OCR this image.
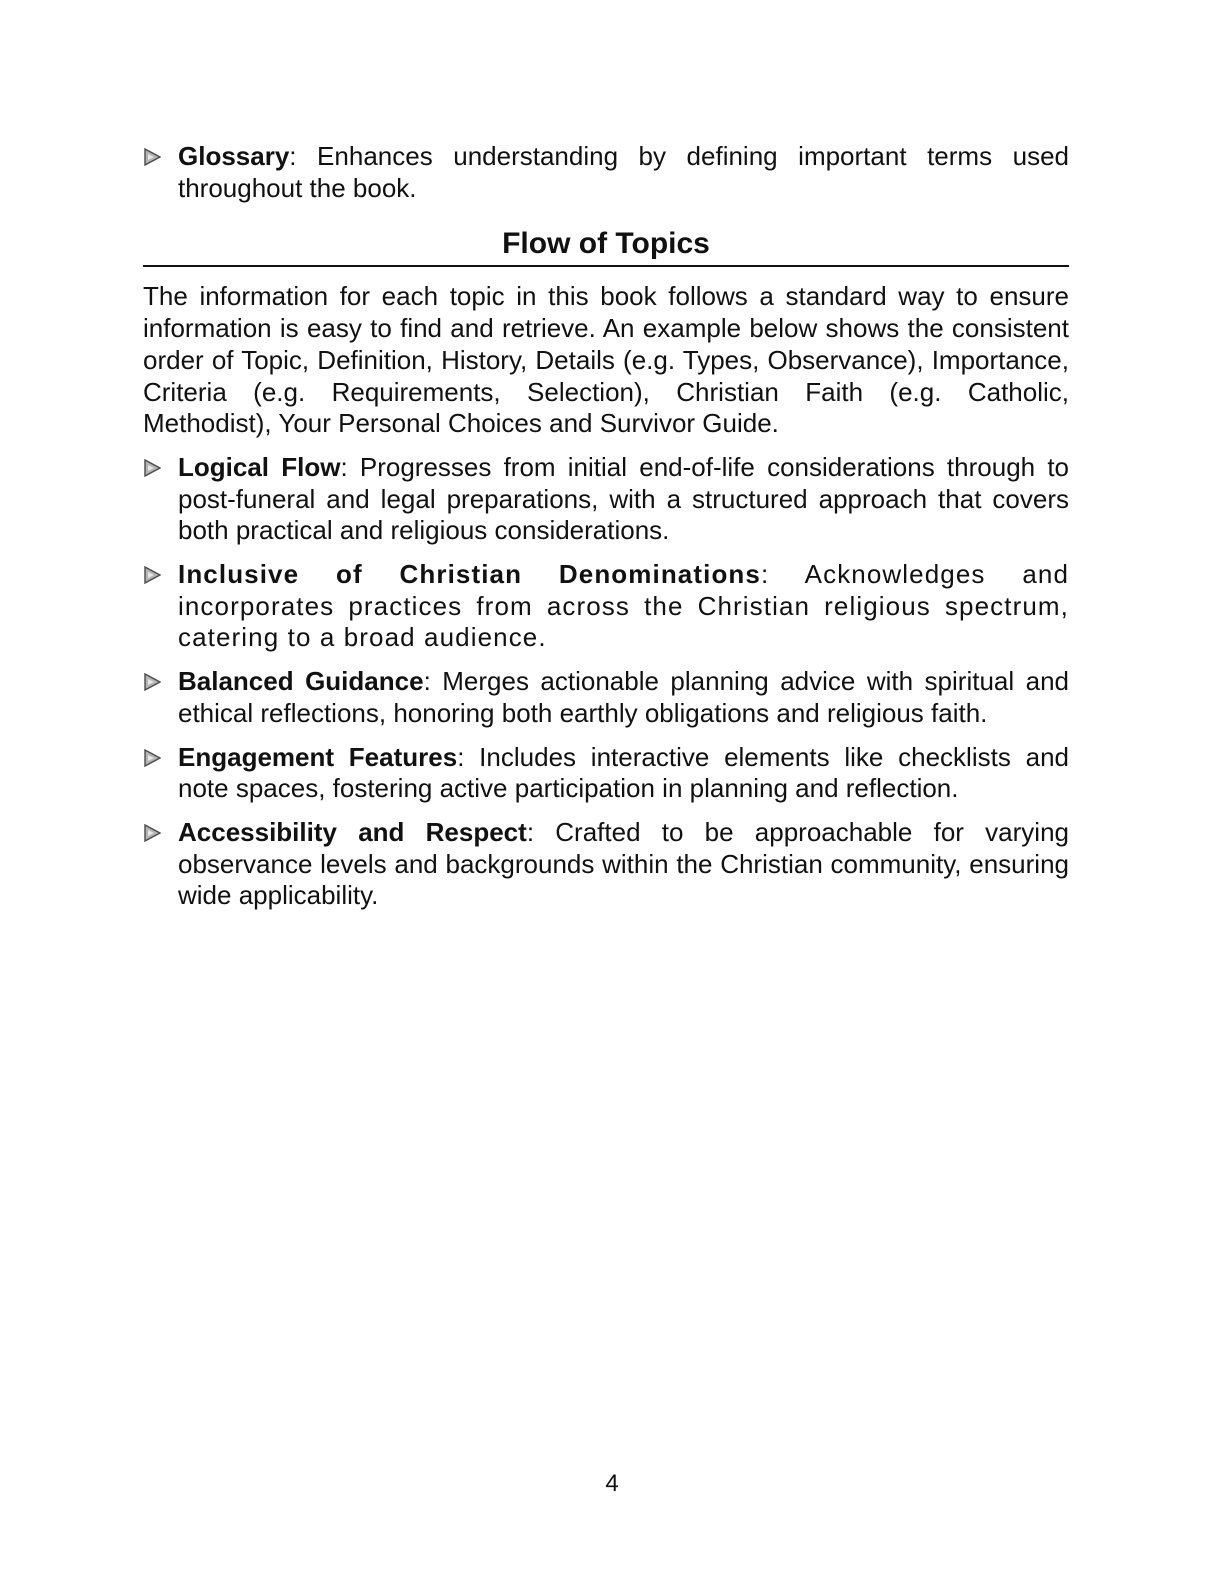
Glossary: Enhances understanding by defining important terms used throughout the book.
Flow of Topics
The information for each topic in this book follows a standard way to ensure information is easy to find and retrieve. An example below shows the consistent order of Topic, Definition, History, Details (e.g. Types, Observance), Importance, Criteria (e.g. Requirements, Selection), Christian Faith (e.g. Catholic, Methodist), Your Personal Choices and Survivor Guide.
Logical Flow: Progresses from initial end-of-life considerations through to post-funeral and legal preparations, with a structured approach that covers both practical and religious considerations.
Inclusive of Christian Denominations: Acknowledges and incorporates practices from across the Christian religious spectrum, catering to a broad audience.
Balanced Guidance: Merges actionable planning advice with spiritual and ethical reflections, honoring both earthly obligations and religious faith.
Engagement Features: Includes interactive elements like checklists and note spaces, fostering active participation in planning and reflection.
Accessibility and Respect: Crafted to be approachable for varying observance levels and backgrounds within the Christian community, ensuring wide applicability.
4
